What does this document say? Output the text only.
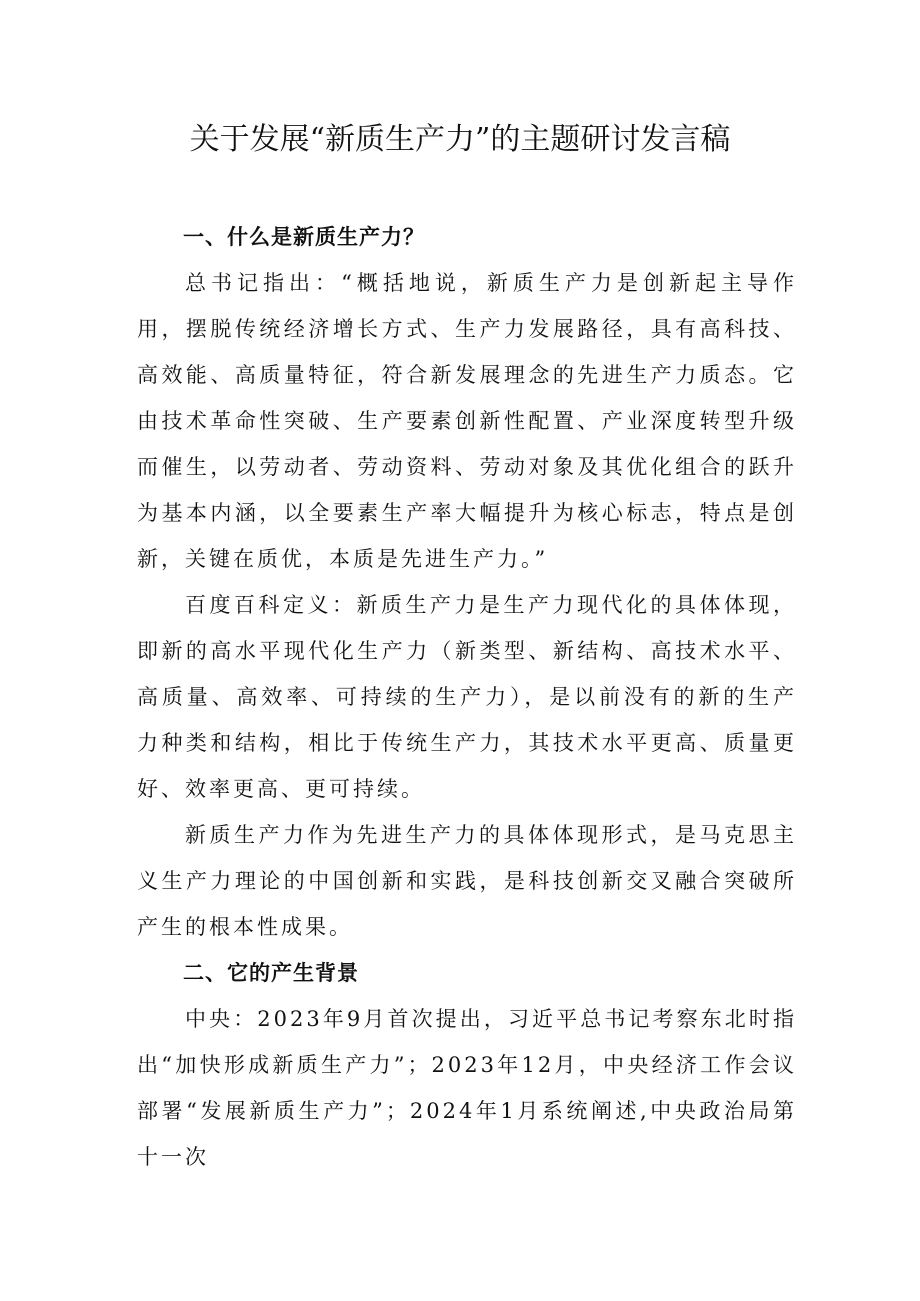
关于发展“新质生产力”的主题研讨发言稿

一、什么是新质生产力？

总书记指出：“概括地说，新质生产力是创新起主导作用，摆脱传统经济增长方式、生产力发展路径，具有高科技、高效能、高质量特征，符合新发展理念的先进生产力质态。它由技术革命性突破、生产要素创新性配置、产业深度转型升级而催生，以劳动者、劳动资料、劳动对象及其优化组合的跃升为基本内涵，以全要素生产率大幅提升为核心标志，特点是创新，关键在质优，本质是先进生产力。”

百度百科定义：新质生产力是生产力现代化的具体体现，即新的高水平现代化生产力（新类型、新结构、高技术水平、高质量、高效率、可持续的生产力），是以前没有的新的生产力种类和结构，相比于传统生产力，其技术水平更高、质量更好、效率更高、更可持续。

新质生产力作为先进生产力的具体体现形式，是马克思主义生产力理论的中国创新和实践，是科技创新交叉融合突破所产生的根本性成果。

二、它的产生背景

中央：2023年9月首次提出，习近平总书记考察东北时指出“加快形成新质生产力”；2023年12月，中央经济工作会议部署“发展新质生产力”；2024年1月系统阐述,中央政治局第十一次
